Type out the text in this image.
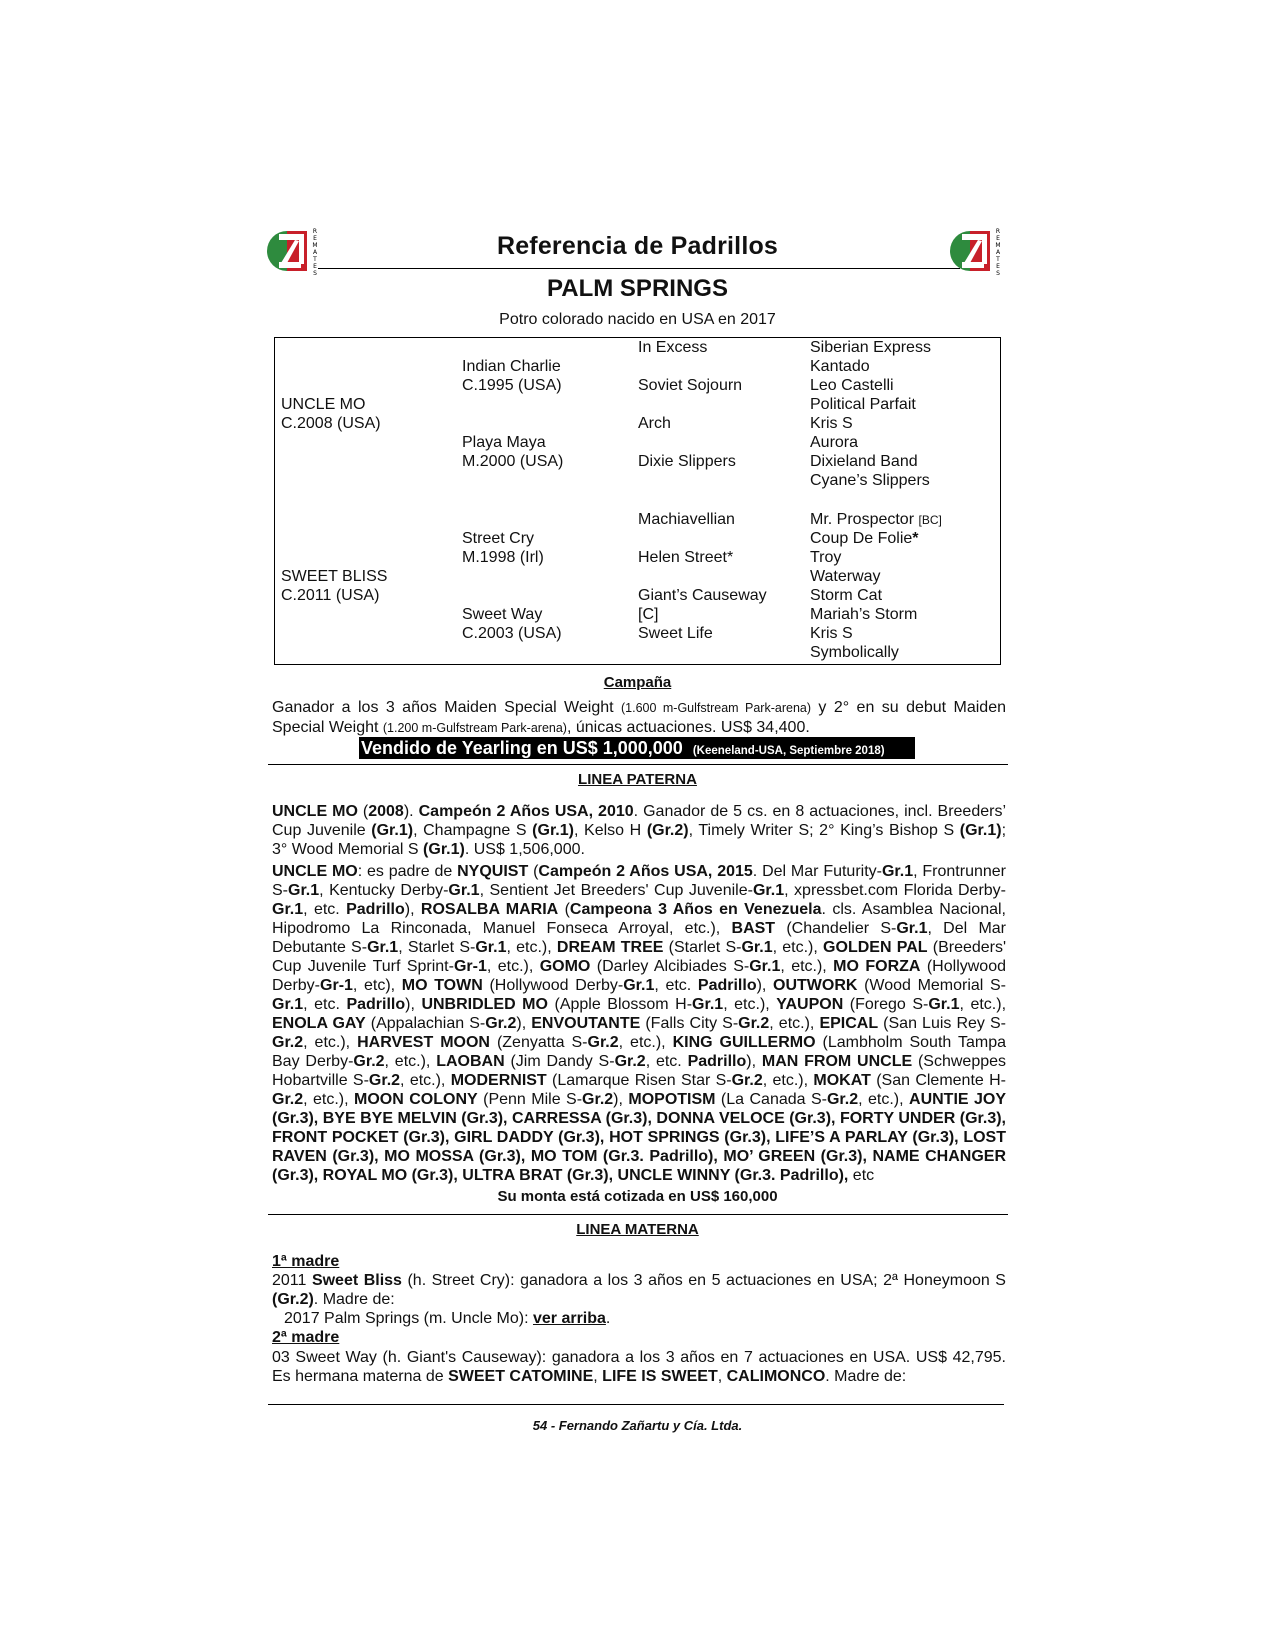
R
E
M
A
T
E
S
R
E
M
A
T
E
S
Referencia de Padrillos
PALM SPRINGS
Potro colorado nacido en USA en 2017
UNCLE MO
C.2008 (USA)
SWEET BLISS
C.2011 (USA)
Indian Charlie
C.1995 (USA)
Playa Maya
M.2000 (USA)
Street Cry
M.1998 (Irl)
Sweet Way
C.2003 (USA)
In Excess
Soviet Sojourn
Arch
Dixie Slippers
Machiavellian
Helen Street*
Giant’s Causeway
[C]
Sweet Life
Siberian Express
Kantado
Leo Castelli
Political Parfait
Kris S
Aurora
Dixieland Band
Cyane’s Slippers
Mr. Prospector [BC]
Coup De Folie*
Troy
Waterway
Storm Cat
Mariah’s Storm
Kris S
Symbolically
Campaña
Ganador a los 3 años Maiden Special Weight (1.600 m-Gulfstream Park-arena) y 2° en su debut Maiden Special Weight (1.200 m-Gulfstream Park-arena), únicas actuaciones. US$ 34,400.
Vendido de Yearling en US$ 1,000,000 (Keeneland-USA, Septiembre 2018)
LINEA PATERNA
UNCLE MO (2008). Campeón 2 Años USA, 2010. Ganador de 5 cs. en 8 actuaciones, incl. Breeders’ Cup Juvenile (Gr.1), Champagne S (Gr.1), Kelso H (Gr.2), Timely Writer S; 2° King’s Bishop S (Gr.1); 3° Wood Memorial S (Gr.1). US$ 1,506,000.
UNCLE MO: es padre de NYQUIST (Campeón 2 Años USA, 2015. Del Mar Futurity-Gr.1, Frontrunner S-Gr.1, Kentucky Derby-Gr.1, Sentient Jet Breeders' Cup Juvenile-Gr.1, xpressbet.com Florida Derby-Gr.1, etc. Padrillo), ROSALBA MARIA (Campeona 3 Años en Venezuela. cls. Asamblea Nacional, Hipodromo La Rinconada, Manuel Fonseca Arroyal, etc.), BAST (Chandelier S-Gr.1, Del Mar Debutante S-Gr.1, Starlet S-Gr.1, etc.), DREAM TREE (Starlet S-Gr.1, etc.), GOLDEN PAL (Breeders' Cup Juvenile Turf Sprint-Gr-1, etc.), GOMO (Darley Alcibiades S-Gr.1, etc.), MO FORZA (Hollywood Derby-Gr-1, etc), MO TOWN (Hollywood Derby-Gr.1, etc. Padrillo), OUTWORK (Wood Memorial S-Gr.1, etc. Padrillo), UNBRIDLED MO (Apple Blossom H-Gr.1, etc.), YAUPON (Forego S-Gr.1, etc.), ENOLA GAY (Appalachian S-Gr.2), ENVOUTANTE (Falls City S-Gr.2, etc.), EPICAL (San Luis Rey S-Gr.2, etc.), HARVEST MOON (Zenyatta S-Gr.2, etc.), KING GUILLERMO (Lambholm South Tampa Bay Derby-Gr.2, etc.), LAOBAN (Jim Dandy S-Gr.2, etc. Padrillo), MAN FROM UNCLE (Schweppes Hobartville S-Gr.2, etc.), MODERNIST (Lamarque Risen Star S-Gr.2, etc.), MOKAT (San Clemente H-Gr.2, etc.), MOON COLONY (Penn Mile S-Gr.2), MOPOTISM (La Canada S-Gr.2, etc.), AUNTIE JOY (Gr.3), BYE BYE MELVIN (Gr.3), CARRESSA (Gr.3), DONNA VELOCE (Gr.3), FORTY UNDER (Gr.3), FRONT POCKET (Gr.3), GIRL DADDY (Gr.3), HOT SPRINGS (Gr.3), LIFE’S A PARLAY (Gr.3), LOST RAVEN (Gr.3), MO MOSSA (Gr.3), MO TOM (Gr.3. Padrillo), MO’ GREEN (Gr.3), NAME CHANGER (Gr.3), ROYAL MO (Gr.3), ULTRA BRAT (Gr.3), UNCLE WINNY (Gr.3. Padrillo), etc
Su monta está cotizada en US$ 160,000
LINEA MATERNA
1ª madre
2011 Sweet Bliss (h. Street Cry): ganadora a los 3 años en 5 actuaciones en USA; 2ª Honeymoon S (Gr.2). Madre de:
2017 Palm Springs (m. Uncle Mo): ver arriba.
2ª madre
03 Sweet Way (h. Giant's Causeway): ganadora a los 3 años en 7 actuaciones en USA. US$ 42,795. Es hermana materna de SWEET CATOMINE, LIFE IS SWEET, CALIMONCO. Madre de:
54 - Fernando Zañartu y Cía. Ltda.
